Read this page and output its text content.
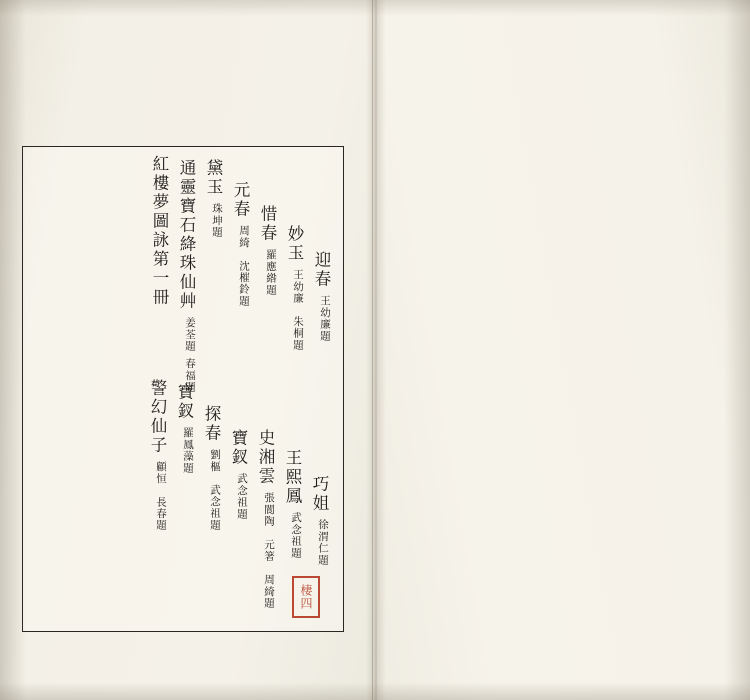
紅樓夢圖詠第一冊 通靈寶石絳珠仙艸
姜荃題
春福題
黛玉
珠坤題
元春
周綺　沈槯鈴題
惜春
羅應綹題
妙玉
王幼廉　朱桐題 迎春
王幼廉題
警幻仙子
顧恒　長春題
寶釵
羅鳳藻題
探春
劉樞　武念祖題
寶釵
武念祖題
史湘雲
張閬陶　元箸　周綺題
王熙鳳
武念祖題
巧姐
徐渭仁題
棲四
